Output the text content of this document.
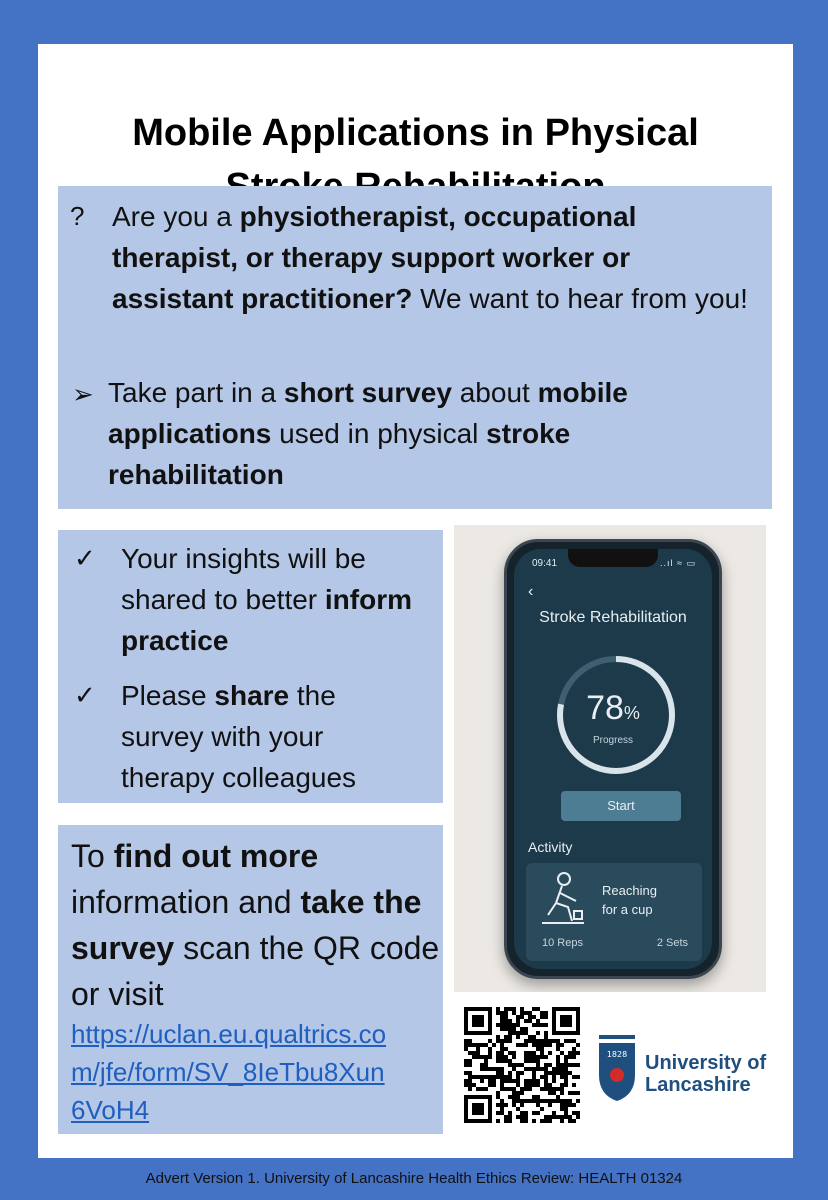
Mobile Applications in Physical
? Are you a physiotherapist, occupational therapist, or therapy support worker or assistant practitioner? We want to hear from you!
➢ Take part in a short survey about mobile applications used in physical stroke rehabilitation
✓ Your insights will be shared to better inform practice
✓ Please share the survey with your therapy colleagues
To find out more information and take the survey scan the QR code or visit
https://uclan.eu.qualtrics.co
m/jfe/form/SV_8IeTbu8Xun
6VoH4
09:41	..ıl ≈ ▭
‹
Stroke Rehabilitation
78%
Progress
Start
Activity
Reaching
for a cup
10 Reps	2 Sets
1828 University of
Lancashire
Advert Version 1. University of Lancashire Health Ethics Review: HEALTH 01324
